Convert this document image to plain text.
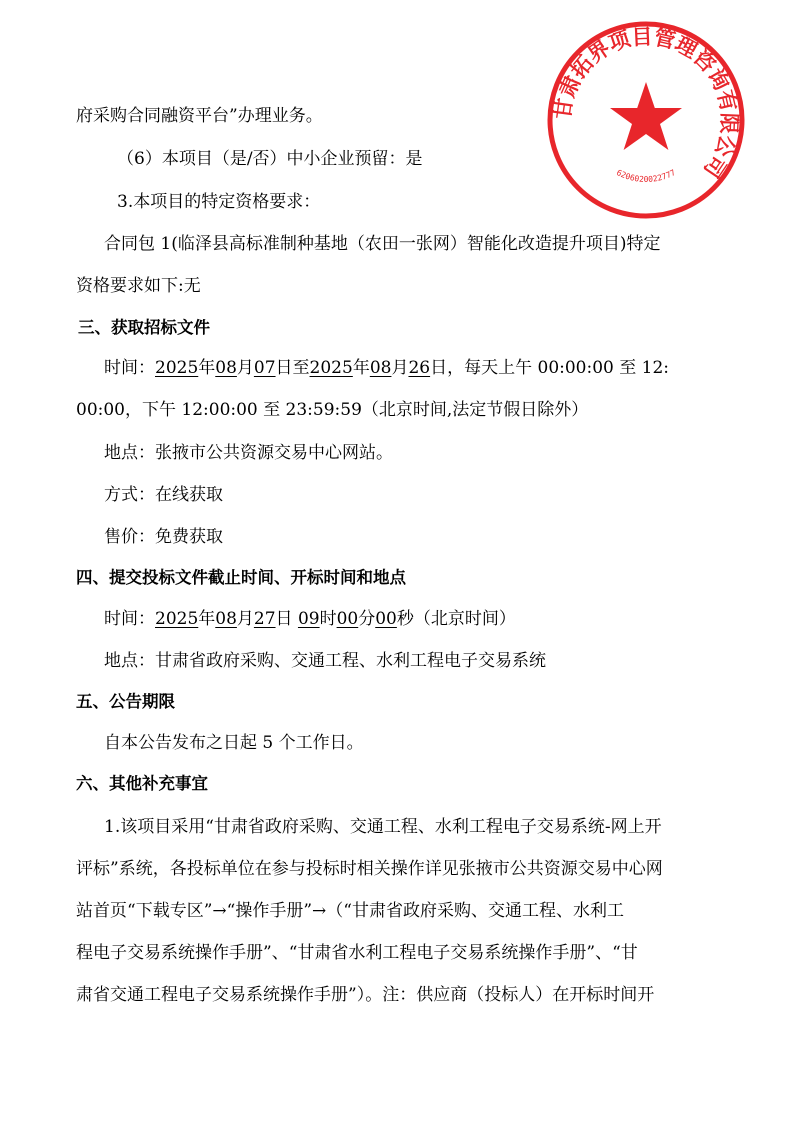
甘肃拓界项目管理咨询有限公司
6206020022777
府采购合同融资平台”办理业务。
（6）本项目（是/否）中小企业预留：是
3.本项目的特定资格要求：
合同包 1(临泽县高标准制种基地（农田一张网）智能化改造提升项目)特定
资格要求如下:无
三、获取招标文件
时间：2025年08月07日至2025年08月26日，每天上午 00:00:00 至 12:
00:00，下午 12:00:00 至 23:59:59（北京时间,法定节假日除外）
地点：张掖市公共资源交易中心网站。
方式：在线获取
售价：免费获取
四、提交投标文件截止时间、开标时间和地点
时间：2025年08月27日 09时00分00秒（北京时间）
地点：甘肃省政府采购、交通工程、水利工程电子交易系统
五、公告期限
自本公告发布之日起 5 个工作日。
六、其他补充事宜
1.该项目采用“甘肃省政府采购、交通工程、水利工程电子交易系统-网上开
评标”系统，各投标单位在参与投标时相关操作详见张掖市公共资源交易中心网
站首页“下载专区”→“操作手册”→（“甘肃省政府采购、交通工程、水利工
程电子交易系统操作手册”、“甘肃省水利工程电子交易系统操作手册”、“甘
肃省交通工程电子交易系统操作手册”）。注：供应商（投标人）在开标时间开
